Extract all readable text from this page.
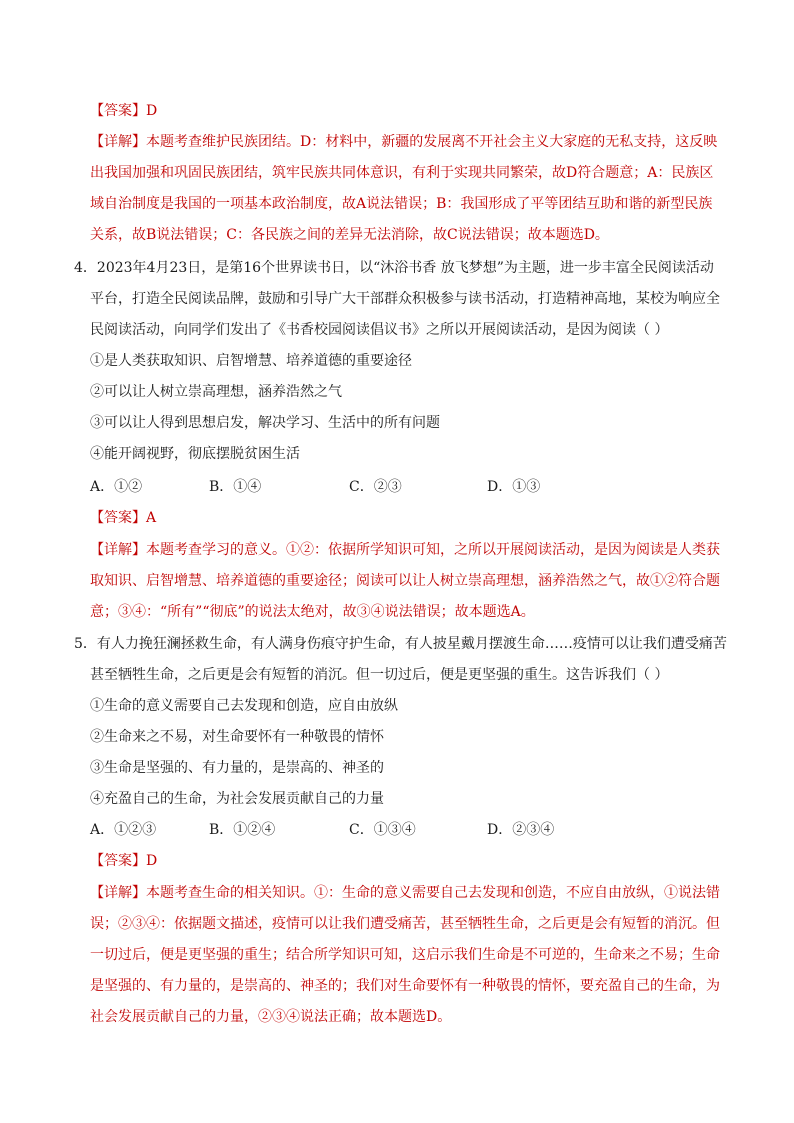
【答案】D
【详解】本题考查维护民族团结。D：材料中，新疆的发展离不开社会主义大家庭的无私支持，这反映
出我国加强和巩固民族团结，筑牢民族共同体意识，有利于实现共同繁荣，故D符合题意；A：民族区
域自治制度是我国的一项基本政治制度，故A说法错误；B：我国形成了平等团结互助和谐的新型民族
关系，故B说法错误；C：各民族之间的差异无法消除，故C说法错误；故本题选D。
4．2023年4月23日，是第16个世界读书日，以“沐浴书香 放飞梦想”为主题，进一步丰富全民阅读活动
平台，打造全民阅读品牌，鼓励和引导广大干部群众积极参与读书活动，打造精神高地，某校为响应全
民阅读活动，向同学们发出了《书香校园阅读倡议书》之所以开展阅读活动，是因为阅读（ ）
①是人类获取知识、启智增慧、培养道德的重要途径
②可以让人树立崇高理想，涵养浩然之气
③可以让人得到思想启发，解决学习、生活中的所有问题
④能开阔视野，彻底摆脱贫困生活
A．①②	B．①④	C．②③	D．①③
【答案】A
【详解】本题考查学习的意义。①②：依据所学知识可知，之所以开展阅读活动，是因为阅读是人类获
取知识、启智增慧、培养道德的重要途径；阅读可以让人树立崇高理想，涵养浩然之气，故①②符合题
意；③④：“所有”“彻底”的说法太绝对，故③④说法错误；故本题选A。
5．有人力挽狂澜拯救生命，有人满身伤痕守护生命，有人披星戴月摆渡生命……疫情可以让我们遭受痛苦
甚至牺牲生命，之后更是会有短暂的消沉。但一切过后，便是更坚强的重生。这告诉我们（ ）
①生命的意义需要自己去发现和创造，应自由放纵
②生命来之不易，对生命要怀有一种敬畏的情怀
③生命是坚强的、有力量的，是崇高的、神圣的
④充盈自己的生命，为社会发展贡献自己的力量
A．①②③	B．①②④	C．①③④	D．②③④
【答案】D
【详解】本题考查生命的相关知识。①：生命的意义需要自己去发现和创造，不应自由放纵，①说法错
误；②③④：依据题文描述，疫情可以让我们遭受痛苦，甚至牺牲生命，之后更是会有短暂的消沉。但
一切过后，便是更坚强的重生；结合所学知识可知，这启示我们生命是不可逆的，生命来之不易；生命
是坚强的、有力量的，是崇高的、神圣的；我们对生命要怀有一种敬畏的情怀，要充盈自己的生命，为
社会发展贡献自己的力量，②③④说法正确；故本题选D。
